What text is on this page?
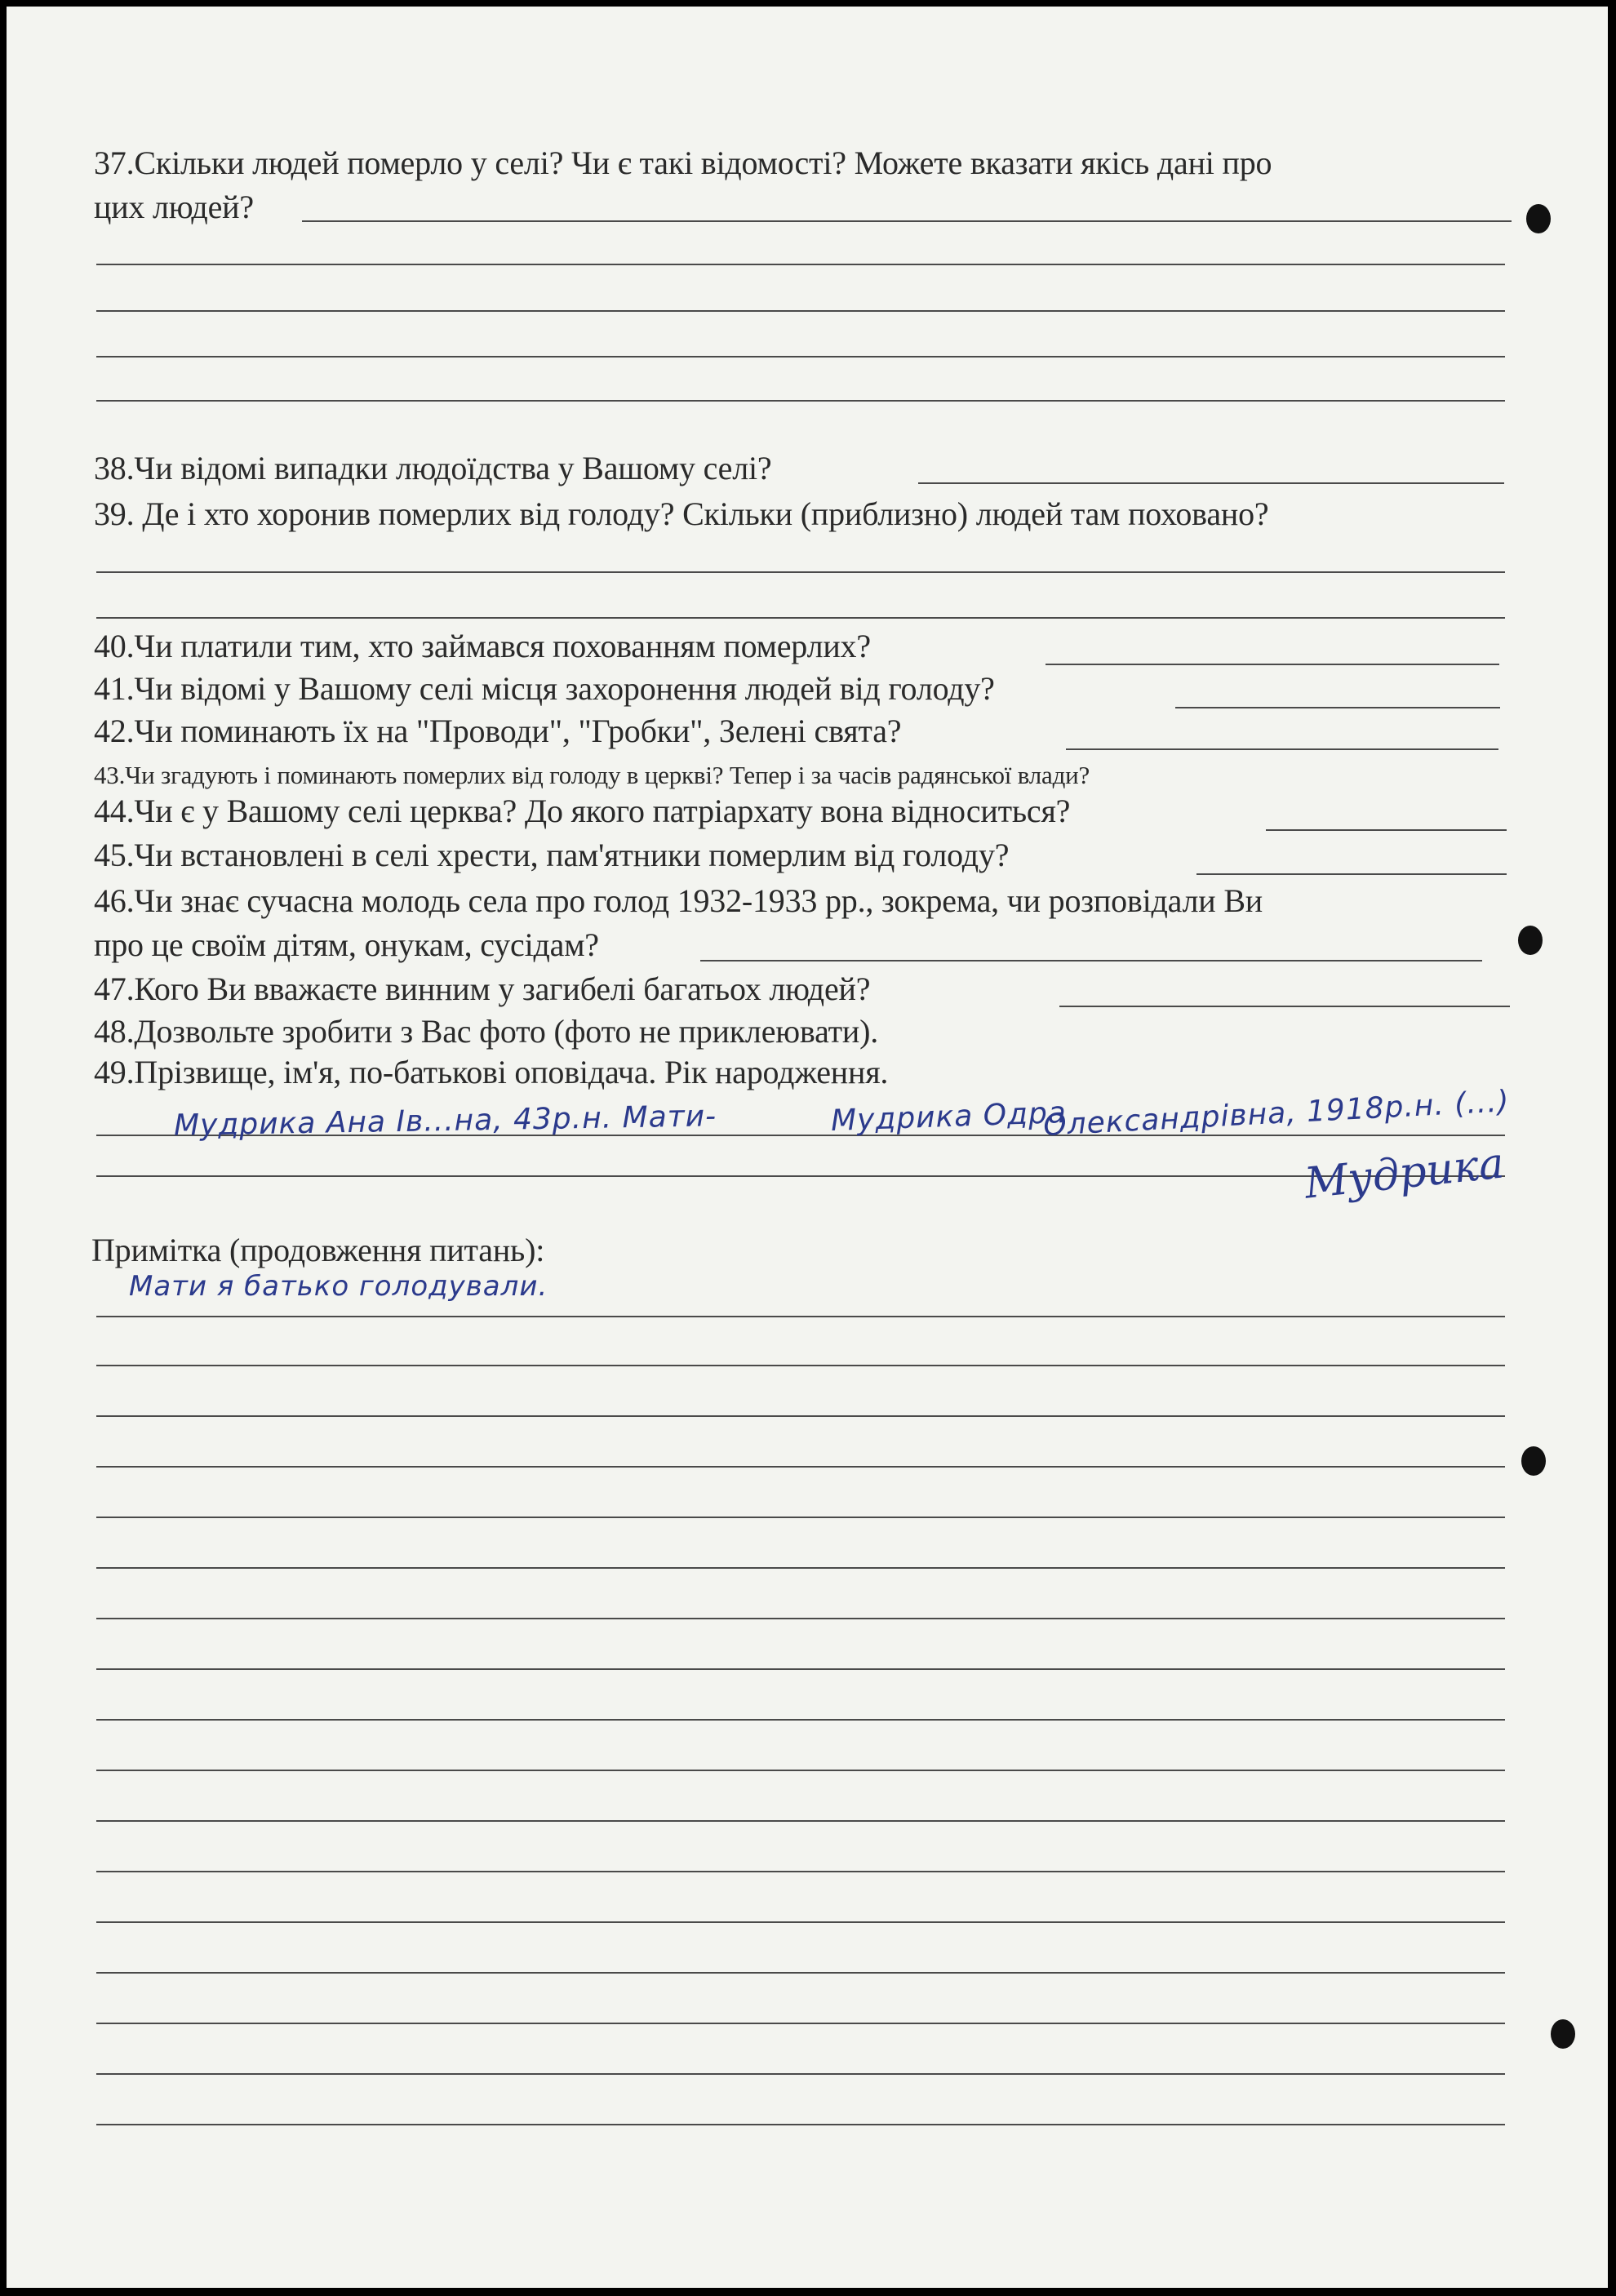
37.Скільки людей померло у селі? Чи є такі відомості? Можете вказати якісь дані про
цих людей?
38.Чи відомі випадки людоїдства у Вашому селі?
39. Де і хто хоронив померлих від голоду? Скільки (приблизно) людей там поховано?
40.Чи платили тим, хто займався похованням померлих?
41.Чи відомі у Вашому селі місця захоронення людей від голоду?
42.Чи поминають їх на "Проводи", "Гробки", Зелені свята?
43.Чи згадують і поминають померлих від голоду в церкві? Тепер і за часів радянської влади?
44.Чи є у Вашому селі церква? До якого патріархату вона відноситься?
45.Чи встановлені в селі хрести, пам'ятники померлим від голоду?
46.Чи знає сучасна молодь села про голод 1932-1933 рр., зокрема, чи розповідали Ви
про це своїм дітям, онукам, сусідам?
47.Кого Ви вважаєте винним у загибелі багатьох людей?
48.Дозвольте зробити з Вас фото (фото не приклеювати).
49.Прізвище, ім'я, по-батькові оповідача. Рік народження.
Мудрика Ана Ів...на, 43р.н. Мати-	Мудрика Одра
Олександрівна, 1918р.н. (...)
Мудрика
Примітка (продовження питань):
Мати я батько голодували.
